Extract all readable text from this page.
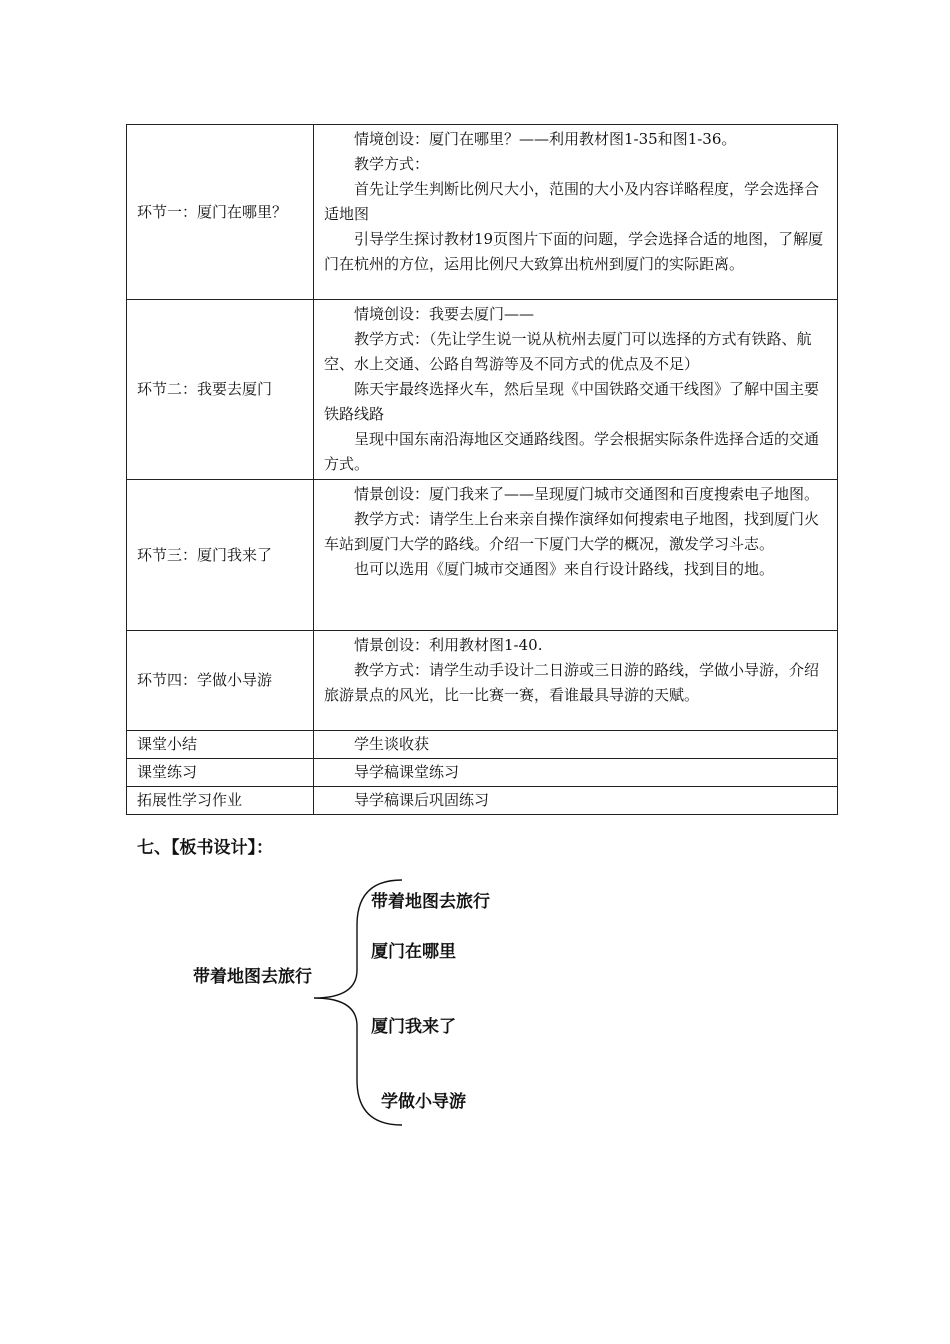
环节一：厦门在哪里？	情境创设：厦门在哪里？——利用教材图1-35和图1-36。

教学方式：

首先让学生判断比例尺大小，范围的大小及内容详略程度，学会选择合适地图

引导学生探讨教材19页图片下面的问题，学会选择合适的地图，了解厦门在杭州的方位，运用比例尺大致算出杭州到厦门的实际距离。

环节二：我要去厦门	情境创设：我要去厦门——

教学方式：（先让学生说一说从杭州去厦门可以选择的方式有铁路、航空、水上交通、公路自驾游等及不同方式的优点及不足）

陈天宇最终选择火车，然后呈现《中国铁路交通干线图》了解中国主要铁路线路

呈现中国东南沿海地区交通路线图。学会根据实际条件选择合适的交通方式。

环节三：厦门我来了	情景创设：厦门我来了——呈现厦门城市交通图和百度搜索电子地图。

教学方式：请学生上台来亲自操作演绎如何搜索电子地图，找到厦门火车站到厦门大学的路线。介绍一下厦门大学的概况，激发学习斗志。

也可以选用《厦门城市交通图》来自行设计路线，找到目的地。

环节四：学做小导游	情景创设：利用教材图1-40.

教学方式：请学生动手设计二日游或三日游的路线，学做小导游，介绍旅游景点的风光，比一比赛一赛，看谁最具导游的天赋。

课堂小结	学生谈收获

课堂练习	导学稿课堂练习

拓展性学习作业	导学稿课后巩固练习

七、【板书设计】：
带着地图去旅行
带着地图去旅行
厦门在哪里
厦门我来了
学做小导游
